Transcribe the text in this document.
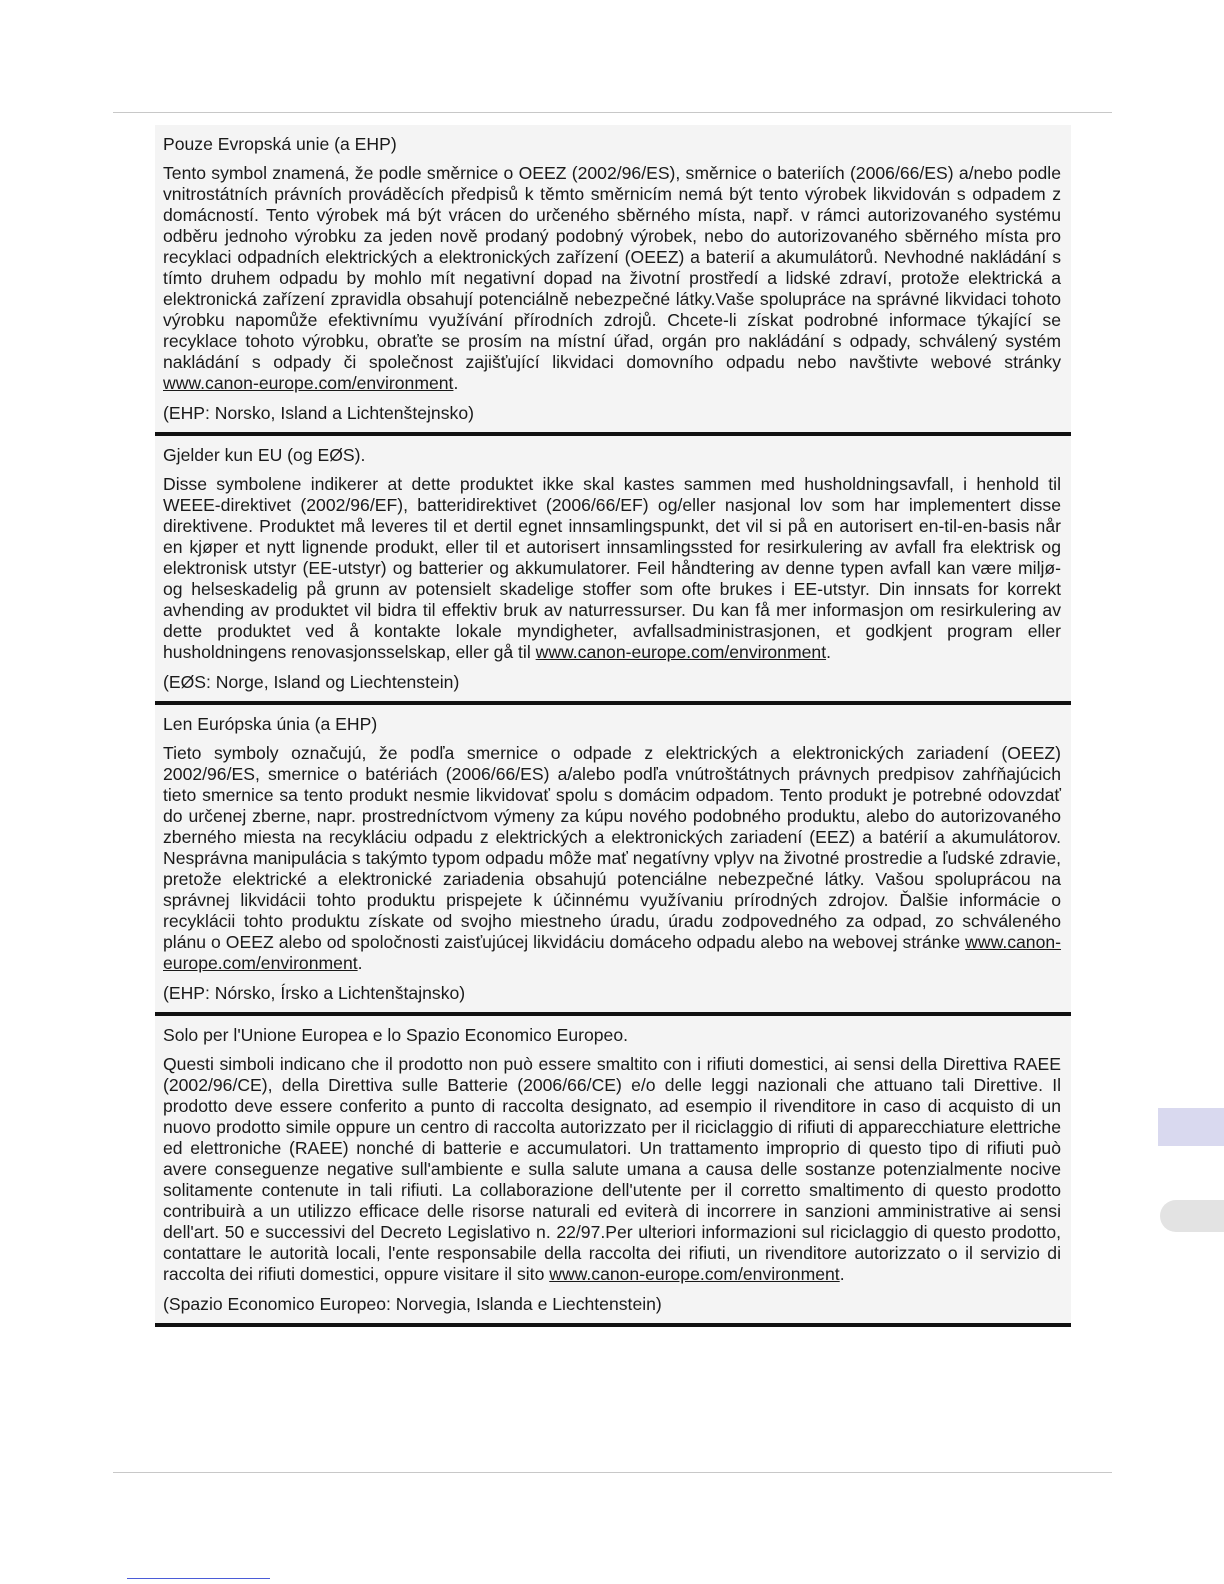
Pouze Evropská unie (a EHP)

Tento symbol znamená, že podle směrnice o OEEZ (2002/96/ES), směrnice o bateriích (2006/66/ES) a/nebo podle vnitrostátních právních prováděcích předpisů k těmto směrnicím nemá být tento výrobek likvidován s odpadem z domácností. Tento výrobek má být vrácen do určeného sběrného místa, např. v rámci autorizovaného systému odběru jednoho výrobku za jeden nově prodaný podobný výrobek, nebo do autorizovaného sběrného místa pro recyklaci odpadních elektrických a elektronických zařízení (OEEZ) a baterií a akumulátorů. Nevhodné nakládání s tímto druhem odpadu by mohlo mít negativní dopad na životní prostředí a lidské zdraví, protože elektrická a elektronická zařízení zpravidla obsahují potenciálně nebezpečné látky.Vaše spolupráce na správné likvidaci tohoto výrobku napomůže efektivnímu využívání přírodních zdrojů. Chcete-li získat podrobné informace týkající se recyklace tohoto výrobku, obraťte se prosím na místní úřad, orgán pro nakládání s odpady, schválený systém nakládání s odpady či společnost zajišťující likvidaci domovního odpadu nebo navštivte webové stránky www.canon-europe.com/environment.

(EHP: Norsko, Island a Lichtenštejnsko)

Gjelder kun EU (og EØS).

Disse symbolene indikerer at dette produktet ikke skal kastes sammen med husholdningsavfall, i henhold til WEEE-direktivet (2002/96/EF), batteridirektivet (2006/66/EF) og/eller nasjonal lov som har implementert disse direktivene. Produktet må leveres til et dertil egnet innsamlingspunkt, det vil si på en autorisert en-til-en-basis når en kjøper et nytt lignende produkt, eller til et autorisert innsamlingssted for resirkulering av avfall fra elektrisk og elektronisk utstyr (EE-utstyr) og batterier og akkumulatorer. Feil håndtering av denne typen avfall kan være miljø- og helseskadelig på grunn av potensielt skadelige stoffer som ofte brukes i EE-utstyr. Din innsats for korrekt avhending av produktet vil bidra til effektiv bruk av naturressurser. Du kan få mer informasjon om resirkulering av dette produktet ved å kontakte lokale myndigheter, avfallsadministrasjonen, et godkjent program eller husholdningens renovasjonsselskap, eller gå til www.canon-europe.com/environment.

(EØS: Norge, Island og Liechtenstein)

Len Európska únia (a EHP)

Tieto symboly označujú, že podľa smernice o odpade z elektrických a elektronických zariadení (OEEZ) 2002/96/ES, smernice o batériách (2006/66/ES) a/alebo podľa vnútroštátnych právnych predpisov zahŕňajúcich tieto smernice sa tento produkt nesmie likvidovať spolu s domácim odpadom. Tento produkt je potrebné odovzdať do určenej zberne, napr. prostredníctvom výmeny za kúpu nového podobného produktu, alebo do autorizovaného zberného miesta na recykláciu odpadu z elektrických a elektronických zariadení (EEZ) a batérií a akumulátorov. Nesprávna manipulácia s takýmto typom odpadu môže mať negatívny vplyv na životné prostredie a ľudské zdravie, pretože elektrické a elektronické zariadenia obsahujú potenciálne nebezpečné látky. Vašou spoluprácou na správnej likvidácii tohto produktu prispejete k účinnému využívaniu prírodných zdrojov. Ďalšie informácie o recyklácii tohto produktu získate od svojho miestneho úradu, úradu zodpovedného za odpad, zo schváleného plánu o OEEZ alebo od spoločnosti zaisťujúcej likvidáciu domáceho odpadu alebo na webovej stránke www.canon-europe.com/environment.

(EHP: Nórsko, Írsko a Lichtenštajnsko)

Solo per l'Unione Europea e lo Spazio Economico Europeo.

Questi simboli indicano che il prodotto non può essere smaltito con i rifiuti domestici, ai sensi della Direttiva RAEE (2002/96/CE), della Direttiva sulle Batterie (2006/66/CE) e/o delle leggi nazionali che attuano tali Direttive. Il prodotto deve essere conferito a punto di raccolta designato, ad esempio il rivenditore in caso di acquisto di un nuovo prodotto simile oppure un centro di raccolta autorizzato per il riciclaggio di rifiuti di apparecchiature elettriche ed elettroniche (RAEE) nonché di batterie e accumulatori. Un trattamento improprio di questo tipo di rifiuti può avere conseguenze negative sull'ambiente e sulla salute umana a causa delle sostanze potenzialmente nocive solitamente contenute in tali rifiuti. La collaborazione dell'utente per il corretto smaltimento di questo prodotto contribuirà a un utilizzo efficace delle risorse naturali ed eviterà di incorrere in sanzioni amministrative ai sensi dell'art. 50 e successivi del Decreto Legislativo n. 22/97.Per ulteriori informazioni sul riciclaggio di questo prodotto, contattare le autorità locali, l'ente responsabile della raccolta dei rifiuti, un rivenditore autorizzato o il servizio di raccolta dei rifiuti domestici, oppure visitare il sito www.canon-europe.com/environment.

(Spazio Economico Europeo: Norvegia, Islanda e Liechtenstein)
